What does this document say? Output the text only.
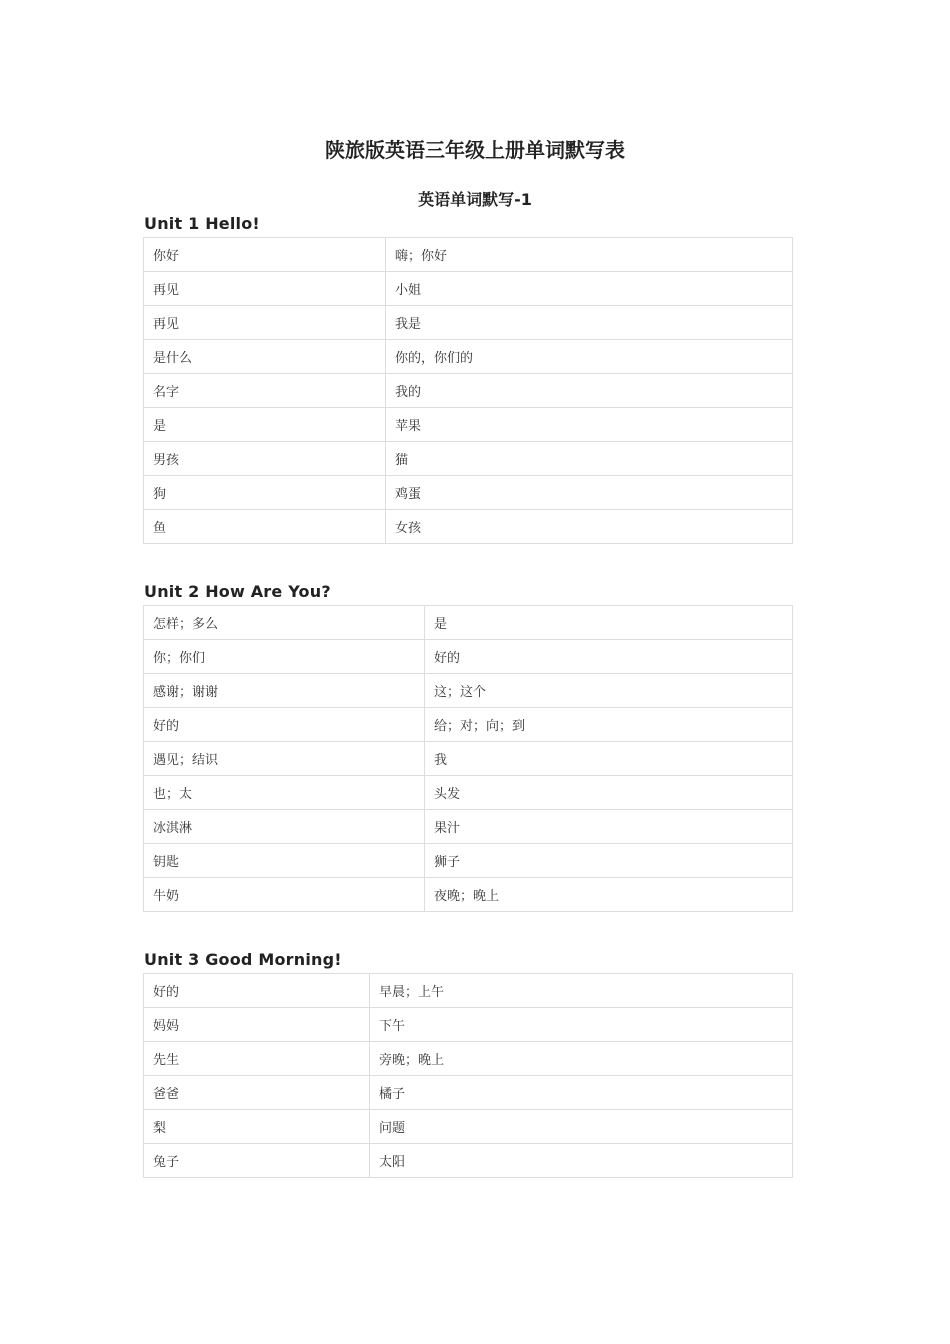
陕旅版英语三年级上册单词默写表
英语单词默写-1
Unit 1 Hello!
你好	嗨；你好
再见	小姐
再见	我是
是什么	你的，你们的
名字	我的
是	苹果
男孩	猫
狗	鸡蛋
鱼	女孩
Unit 2 How Are You?
怎样；多么	是
你；你们	好的
感谢；谢谢	这；这个
好的	给；对；向；到
遇见；结识	我
也；太	头发
冰淇淋	果汁
钥匙	狮子
牛奶	夜晚；晚上
Unit 3 Good Morning!
好的	早晨；上午
妈妈	下午
先生	旁晚；晚上
爸爸	橘子
梨	问题
兔子	太阳
